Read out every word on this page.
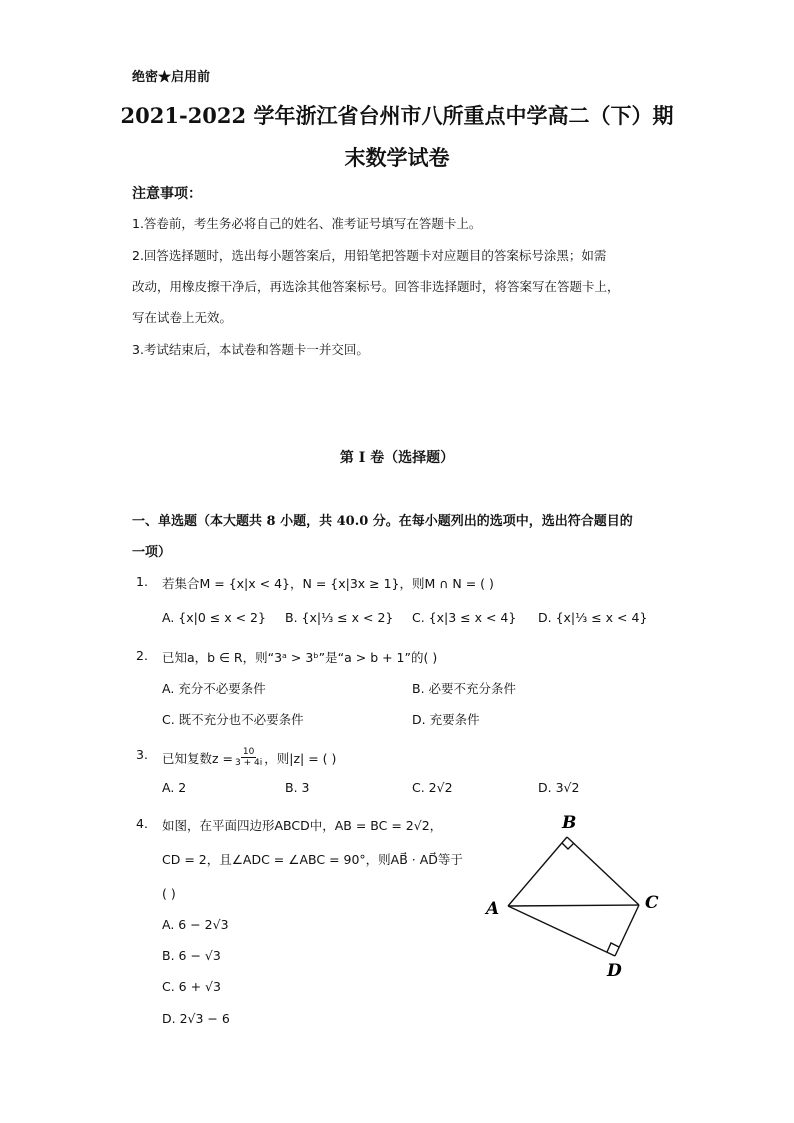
绝密★启用前
2021-2022 学年浙江省台州市八所重点中学高二（下）期
末数学试卷
注意事项：
1.答卷前，考生务必将自己的姓名、准考证号填写在答题卡上。
2.回答选择题时，选出每小题答案后，用铅笔把答题卡对应题目的答案标号涂黑；如需
改动，用橡皮擦干净后，再选涂其他答案标号。回答非选择题时，将答案写在答题卡上，
写在试卷上无效。
3.考试结束后，本试卷和答题卡一并交回。
第 I 卷（选择题）
一、单选题（本大题共 8 小题，共 40.0 分。在每小题列出的选项中，选出符合题目的
一项）
1. 若集合M = {x|x < 4}，N = {x|3x ≥ 1}，则M ∩ N = ( )
A. {x|0 ≤ x < 2} B. {x|⅓ ≤ x < 2} C. {x|3 ≤ x < 4} D. {x|⅓ ≤ x < 4}
2. 已知a，b ∈ R，则“3ᵃ > 3ᵇ”是“a > b + 1”的( )
A. 充分不必要条件	B. 必要不充分条件
C. 既不充分也不必要条件	D. 充要条件
3. 已知复数$z = \frac{10}{3 + 4i}$ ，则|z| = ( )
A. 2	B. 3	C. 2√2	D. 3√2
4. 如图，在平面四边形ABCD中，AB = BC = 2√2，
CD = 2，且∠ADC = ∠ABC = 90°，则AB⃗ · AD⃗等于
( )
A. 6 − 2√3
B. 6 − √3
C. 6 + √3
D. 2√3 − 6
B
A	C
D
